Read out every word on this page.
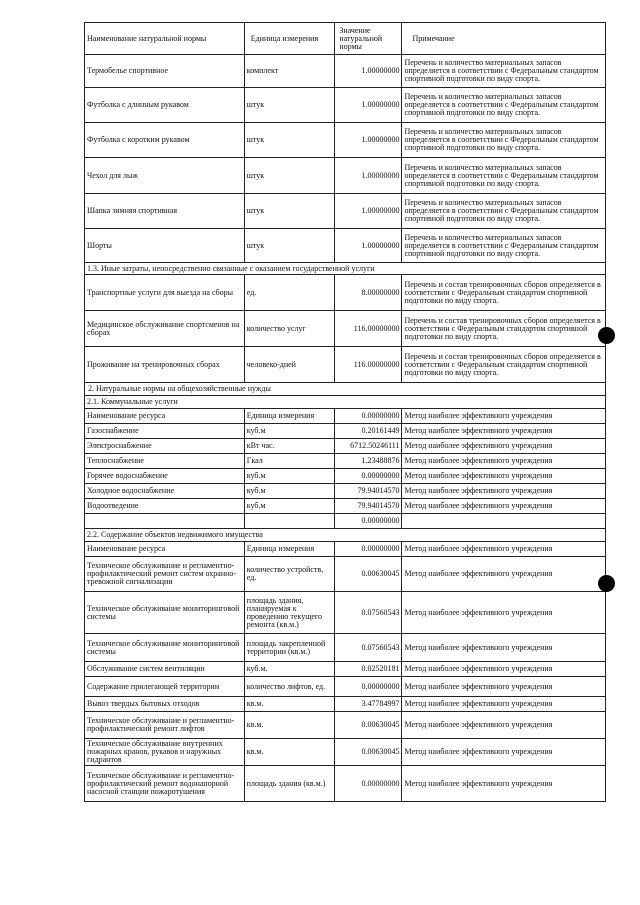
Наименование натуральной нормы	Единица измерения	Значение натуральной нормы	Примечание
Термобелье спортивное	комплект	1.00000000	Перечень и количество материальных запасов определяется в соответствии с Федеральным стандартом спортивной подготовки по виду спорта.
Футболка с длинным рукавом	штук	1.00000000	Перечень и количество материальных запасов определяется в соответствии с Федеральным стандартом спортивной подготовки по виду спорта.
Футболка с коротким рукавом	штук	1.00000000	Перечень и количество материальных запасов определяется в соответствии с Федеральным стандартом спортивной подготовки по виду спорта.
Чехол для лыж	штук	1.00000000	Перечень и количество материальных запасов определяется в соответствии с Федеральным стандартом спортивной подготовки по виду спорта.
Шапка зимняя спортивная	штук	1.00000000	Перечень и количество материальных запасов определяется в соответствии с Федеральным стандартом спортивной подготовки по виду спорта.
Шорты	штук	1.00000000	Перечень и количество материальных запасов определяется в соответствии с Федеральным стандартом спортивной подготовки по виду спорта.
1.3. Иные затраты, непосредственно связанные с оказанием государственной услуги			
Транспортные услуги для выезда на сборы	ед.	8.00000000	Перечень и состав тренировочных сборов определяется в соответствии с Федеральным стандартом спортивной подготовки по виду спорта.
Медицинское обслуживание спортсменов на сборах	количество услуг	116.00000000	Перечень и состав тренировочных сборов определяется в соответствии с Федеральным стандартом спортивной подготовки по виду спорта.
Проживание на тренировочных сборах	человеко-дней	116.00000000	Перечень и состав тренировочных сборов определяется в соответствии с Федеральным стандартом спортивной подготовки по виду спорта.
2. Натуральные нормы на общехозяйственные нужды			
2.1. Коммунальные услуги			
Наименование ресурса	Единица измерения	0.00000000	Метод наиболее эффективного учреждения
Газоснабжение	куб.м	0.20161449	Метод наиболее эффективного учреждения
Электроснабжение	кВт час.	6712.50246111	Метод наиболее эффективного учреждения
Теплоснабжение	Гкал	1.23488876	Метод наиболее эффективного учреждения
Горячее водоснабжение	куб.м	0.00000000	Метод наиболее эффективного учреждения
Холодное водоснабжение	куб.м	79.94014570	Метод наиболее эффективного учреждения
Водоотведение	куб.м	79.94014570	Метод наиболее эффективного учреждения
		0.00000000	
2.2. Содержание объектов недвижимого имущества			
Наименование ресурса	Единица измерения	0.00000000	Метод наиболее эффективного учреждения
Техническое обслуживание и регламентно-профилактический ремонт систем охранно-тревожной сигнализации	количество устройств, ед.	0.00630045	Метод наиболее эффективного учреждения
Техническое обслуживание мониторинговой системы	площадь здания, планируемая к проведению текущего ремонта (кв.м.)	0.07560543	Метод наиболее эффективного учреждения
Техническое обслуживание мониторинговой системы	площадь закрепленной территории (кв.м.)	0.07560543	Метод наиболее эффективного учреждения
Обслуживание систем вентиляции	куб.м.	0.02520181	Метод наиболее эффективного учреждения
Содержание прилегающей территории	количество лифтов, ед.	0.00000000	Метод наиболее эффективного учреждения
Вывоз твердых бытовых отходов	кв.м.	3.47784997	Метод наиболее эффективного учреждения
Техническое обслуживание и регламентно-профилактический ремонт лифтов	кв.м.	0.00630045	Метод наиболее эффективного учреждения
Техническое обслуживание внутренних пожарных кранов, рукавов и наружных гидрантов	кв.м.	0.00630045	Метод наиболее эффективного учреждения
Техническое обслуживание и регламентно-профилактический ремонт водонапорной насосной станции пожаротушения	площадь здания (кв.м.)	0.00000000	Метод наиболее эффективного учреждения
